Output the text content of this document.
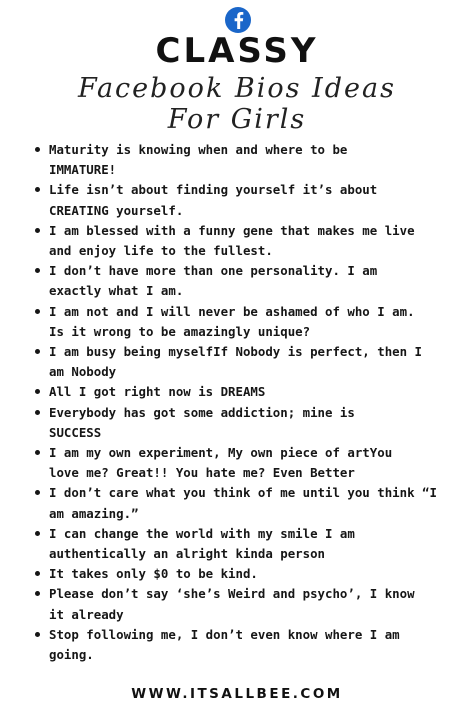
CLASSY
Facebook Bios Ideas
For Girls
Maturity is knowing when and where to be
IMMATURE!
Life isn’t about finding yourself it’s about
CREATING yourself.
I am blessed with a funny gene that makes me live
and enjoy life to the fullest.
I don’t have more than one personality. I am
exactly what I am.
I am not and I will never be ashamed of who I am.
Is it wrong to be amazingly unique?
I am busy being myselfIf Nobody is perfect, then I
am Nobody
All I got right now is DREAMS
Everybody has got some addiction; mine is
SUCCESS
I am my own experiment, My own piece of artYou
love me? Great!! You hate me? Even Better
I don’t care what you think of me until you think “I
am amazing.”
I can change the world with my smile I am
authentically an alright kinda person
It takes only $0 to be kind.
Please don’t say ‘she’s Weird and psycho’, I know
it already
Stop following me, I don’t even know where I am
going.
WWW.ITSALLBEE.COM
